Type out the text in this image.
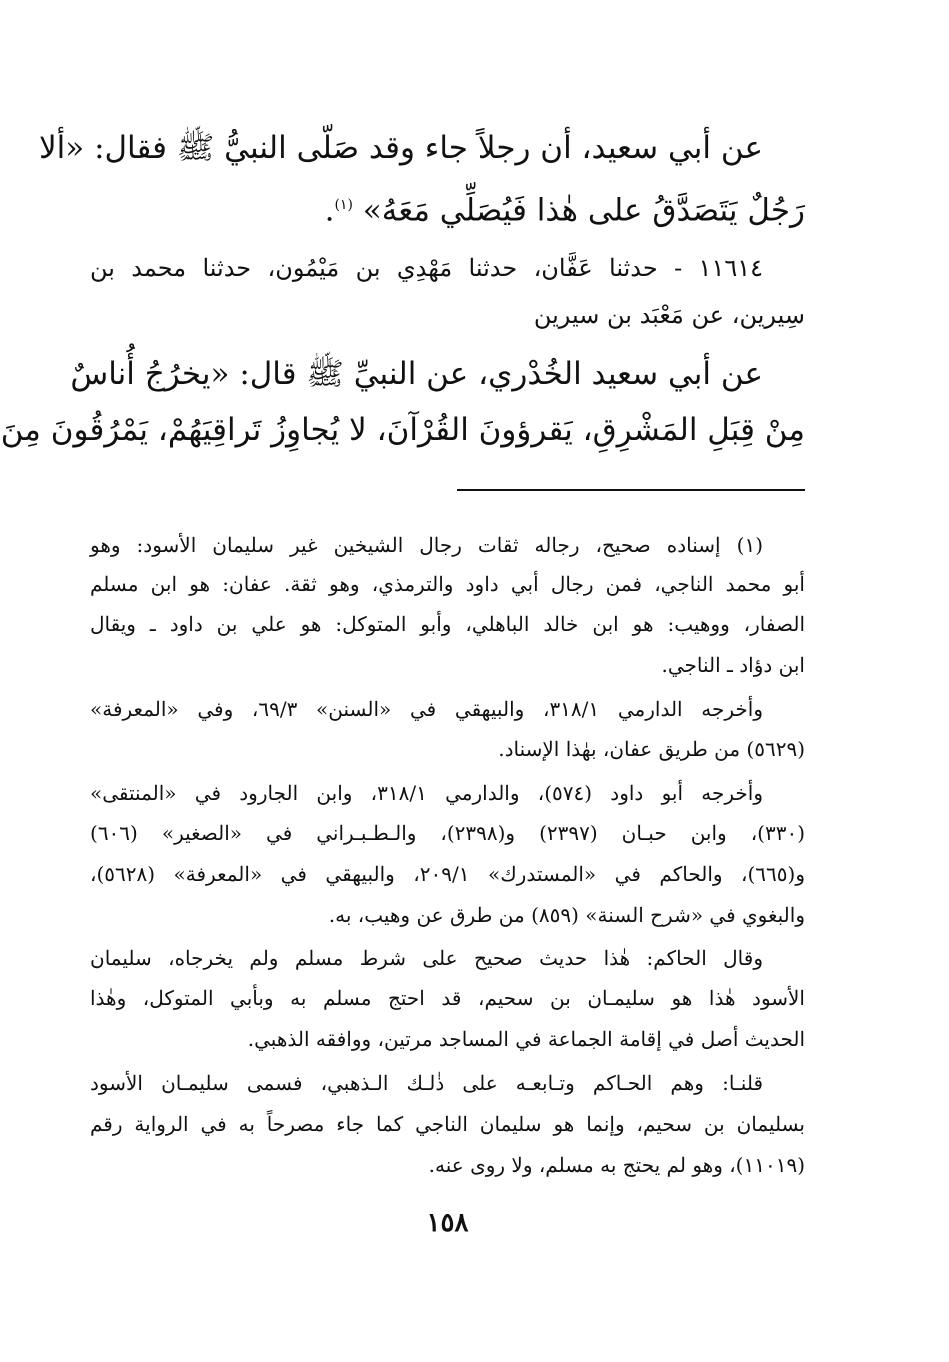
عن أبي سعيد، أن رجلاً جاء وقد صَلّى النبيُّ ﷺ فقال: «ألا
رَجُلٌ يَتَصَدَّقُ على هٰذا فَيُصَلِّي مَعَهُ» $^{(١)}$.
١١٦١٤ - حدثنا عَفَّان، حدثنا مَهْدِي بن مَيْمُون، حدثنا محمد بن
سِيرين، عن مَعْبَد بن سيرين
عن أبي سعيد الخُدْري، عن النبيِّ ﷺ قال: «يخرُجُ أُناسٌ
مِنْ قِبَلِ المَشْرِقِ، يَقرؤونَ القُرْآنَ، لا يُجاوِزُ تَراقِيَهُمْ، يَمْرُقُونَ مِنَ
(١) إسناده صحيح، رجاله ثقات رجال الشيخين غير سليمان الأسود: وهو
أبو محمد الناجي، فمن رجال أبي داود والترمذي، وهو ثقة. عفان: هو ابن مسلم
الصفار، ووهيب: هو ابن خالد الباهلي، وأبو المتوكل: هو علي بن داود ـ ويقال
ابن دؤاد ـ الناجي.
وأخرجه الدارمي ٣١٨/١، والبيهقي في «السنن» ٦٩/٣، وفي «المعرفة»
(٥٦٢٩) من طريق عفان، بهٰذا الإسناد.
وأخرجه أبو داود (٥٧٤)، والدارمي ٣١٨/١، وابن الجارود في «المنتقى»
(٣٣٠)، وابن حبـان (٢٣٩٧) و(٢٣٩٨)، والـطـبـراني في «الصغير» (٦٠٦)
و(٦٦٥)، والحاكم في «المستدرك» ٢٠٩/١، والبيهقي في «المعرفة» (٥٦٢٨)،
والبغوي في «شرح السنة» (٨٥٩) من طرق عن وهيب، به.
وقال الحاكم: هٰذا حديث صحيح على شرط مسلم ولم يخرجاه، سليمان
الأسود هٰذا هو سليمـان بن سحيم، قد احتج مسلم به وبأبي المتوكل، وهٰذا
الحديث أصل في إقامة الجماعة في المساجد مرتين، ووافقه الذهبي.
قلنـا: وهم الحـاكم وتـابعـه على ذٰلـك الـذهبي، فسمى سليمـان الأسود
بسليمان بن سحيم، وإنما هو سليمان الناجي كما جاء مصرحاً به في الرواية رقم
(١١٠١٩)، وهو لم يحتج به مسلم، ولا روى عنه.
١٥٨
